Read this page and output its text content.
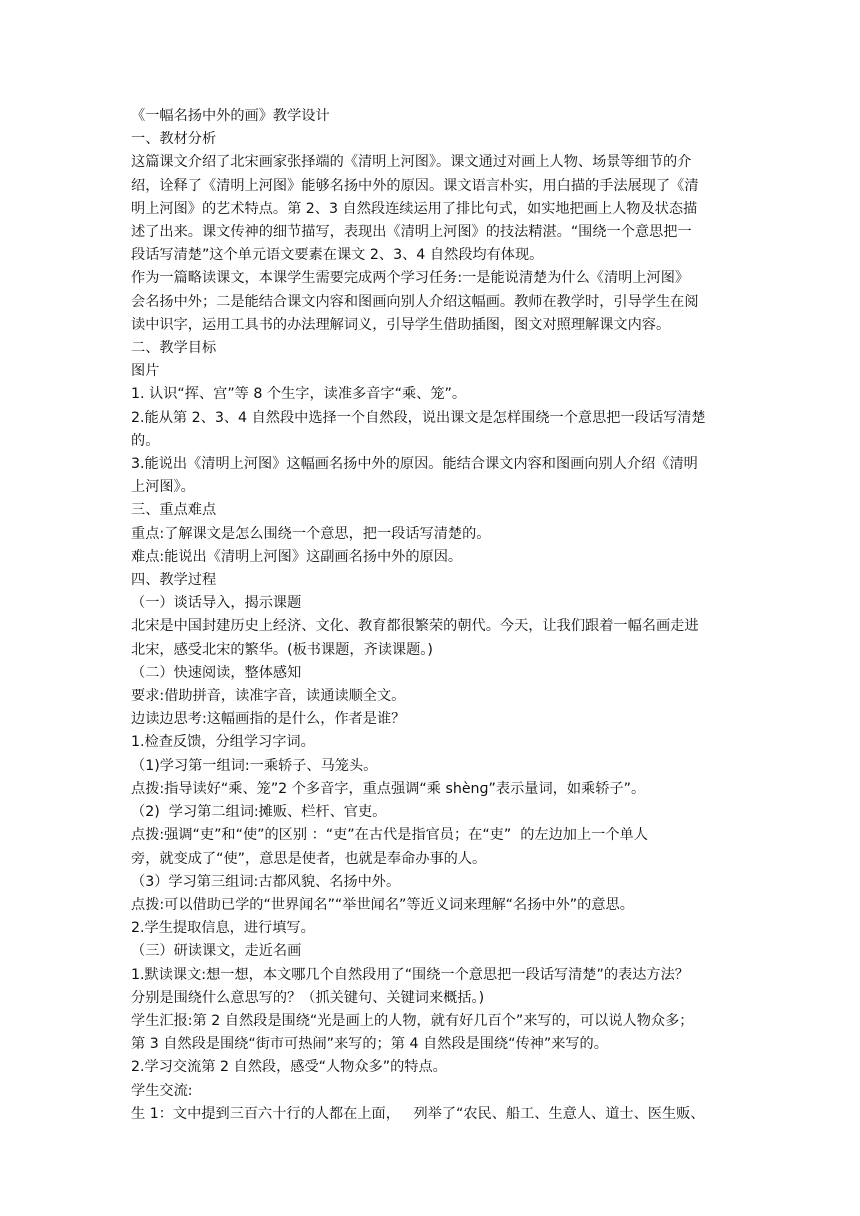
《一幅名扬中外的画》教学设计
一、教材分析
这篇课文介绍了北宋画家张择端的《清明上河图》。课文通过对画上人物、场景等细节的介
绍，诠释了《清明上河图》能够名扬中外的原因。课文语言朴实，用白描的手法展现了《清
明上河图》的艺术特点。第 2、3 自然段连续运用了排比句式，如实地把画上人物及状态描
述了出来。课文传神的细节描写，表现出《清明上河图》的技法精湛。“围绕一个意思把一
段话写清楚”这个单元语文要素在课文 2、3、4 自然段均有体现。
作为一篇略读课文，本课学生需要完成两个学习任务:一是能说清楚为什么《清明上河图》
会名扬中外；二是能结合课文内容和图画向别人介绍这幅画。教师在教学时，引导学生在阅
读中识字，运用工具书的办法理解词义，引导学生借助插图，图文对照理解课文内容。
二、教学目标
图片
1. 认识“挥、宫”等 8 个生字，读准多音字“乘、笼”。
2.能从第 2、3、4 自然段中选择一个自然段，说出课文是怎样围绕一个意思把一段话写清楚
的。
3.能说出《清明上河图》这幅画名扬中外的原因。能结合课文内容和图画向别人介绍《清明
上河图》。
三、重点难点
重点:了解课文是怎么围绕一个意思，把一段话写清楚的。
难点:能说出《清明上河图》这副画名扬中外的原因。
四、教学过程
（一）谈话导入，揭示课题
北宋是中国封建历史上经济、文化、教育都很繁荣的朝代。今天，让我们跟着一幅名画走进
北宋，感受北宋的繁华。(板书课题，齐读课题。)
（二）快速阅读，整体感知
要求:借助拼音，读准字音，读通读顺全文。
边读边思考:这幅画指的是什么，作者是谁？
1.检查反馈，分组学习字词。
（1)学习第一组词:一乘轿子、马笼头。
点拨:指导读好“乘、笼”2 个多音字，重点强调“乘 shènɡ”表示量词，如乘轿子”。
（2)  学习第二组词:摊贩、栏杆、官吏。
点拨:强调“吏”和“使”的区别 ：“吏”在古代是指官员；在“吏”  的左边加上一个单人
旁，就变成了“使”，意思是使者，也就是奉命办事的人。
（3）学习第三组词:古都风貌、名扬中外。
点拨:可以借助已学的“世界闻名”“举世闻名”等近义词来理解“名扬中外”的意思。
2.学生提取信息，进行填写。
（三）研读课文，走近名画
1.默读课文:想一想，本文哪几个自然段用了“围绕一个意思把一段话写清楚”的表达方法？
分别是围绕什么意思写的？（抓关键句、关键词来概括。)
学生汇报:第 2 自然段是围绕“光是画上的人物，就有好几百个”来写的，可以说人物众多；
第 3 自然段是围绕“街市可热闹”来写的；第 4 自然段是围绕“传神”来写的。
2.学习交流第 2 自然段，感受“人物众多”的特点。
学生交流:
生 1：文中提到三百六十行的人都在上面，   列举了“农民、船工、生意人、道士、医生贩、
